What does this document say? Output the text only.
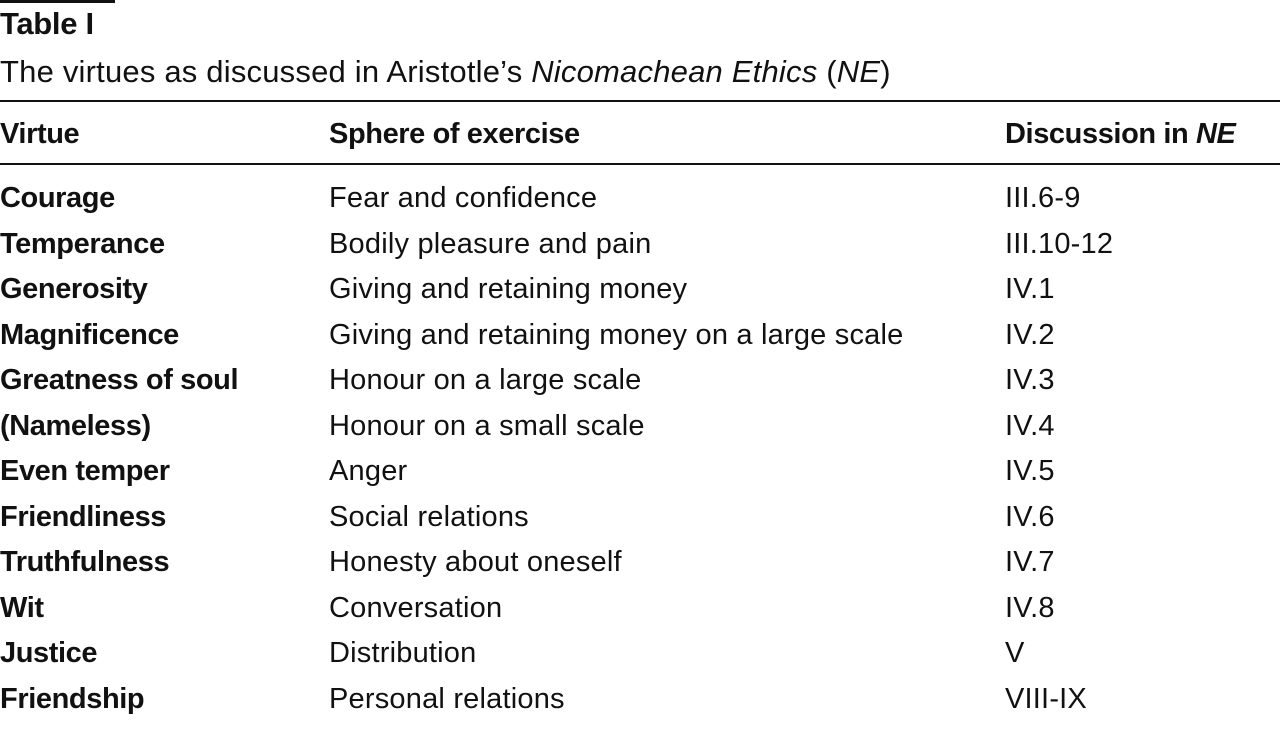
Table I
The virtues as discussed in Aristotle’s Nicomachean Ethics (NE)
Virtue	Sphere of exercise	Discussion in NE
Courage	Fear and confidence	III.6-9
Temperance	Bodily pleasure and pain	III.10-12
Generosity	Giving and retaining money	IV.1
Magnificence	Giving and retaining money on a large scale	IV.2
Greatness of soul	Honour on a large scale	IV.3
(Nameless)	Honour on a small scale	IV.4
Even temper	Anger	IV.5
Friendliness	Social relations	IV.6
Truthfulness	Honesty about oneself	IV.7
Wit	Conversation	IV.8
Justice	Distribution	V
Friendship	Personal relations	VIII-IX
